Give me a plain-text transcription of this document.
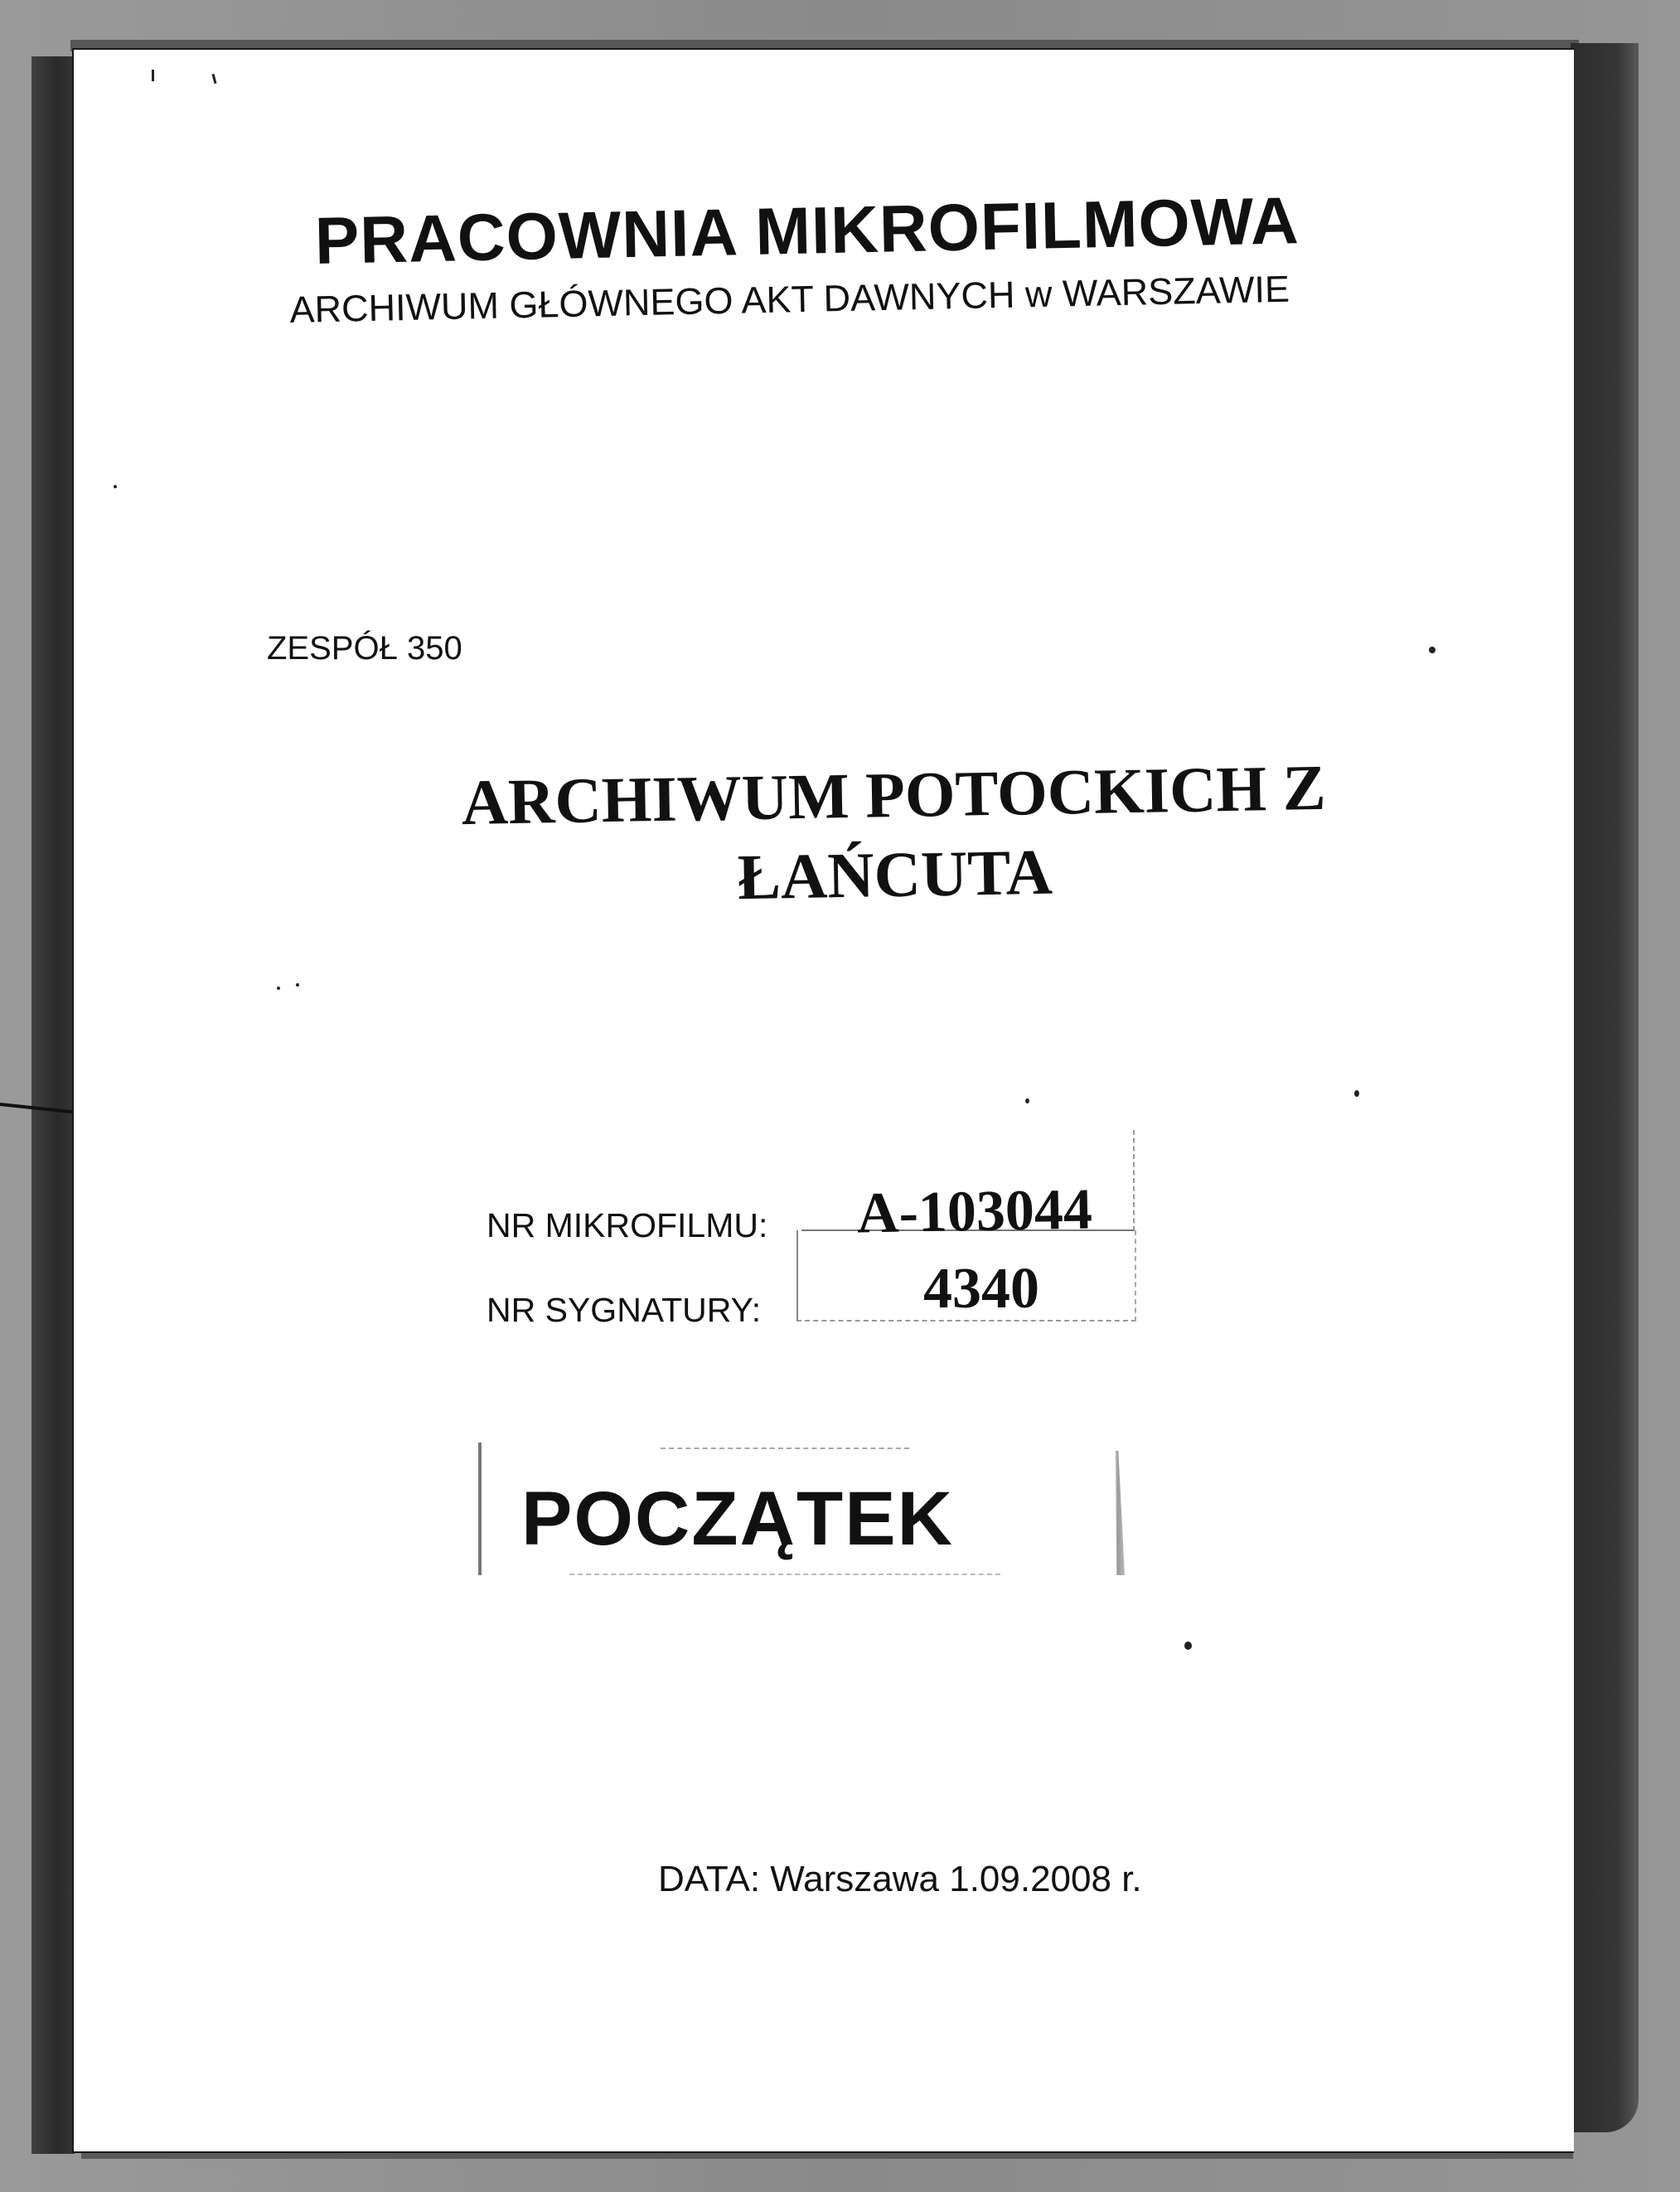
PRACOWNIA MIKROFILMOWA
ARCHIWUM GŁÓWNEGO AKT DAWNYCH w WARSZAWIE
ZESPÓŁ 350
ARCHIWUM POTOCKICH Z
ŁAŃCUTA
NR MIKROFILMU: A-103044
NR SYGNATURY:	4340
POCZĄTEK
DATA: Warszawa 1.09.2008 r.
